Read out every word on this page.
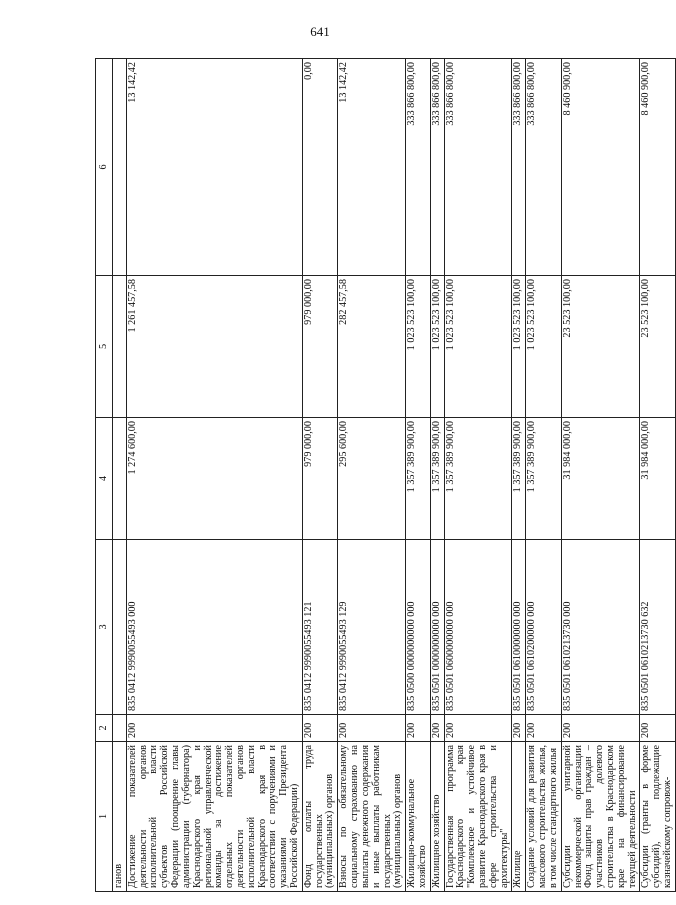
641
1	2	3	4	5	6
ганов					
Достижение показателей деятельности органов исполнительной власти субъектов Российской Федерации (поощрение главы администрации (губернатора) Краснодарского края и региональной управленческой команды за достижение отдельных показателей деятельности органов исполнительной власти Краснодарского края в соответствии с поручениями и указаниями Президента Российской Федерации)	200	835 0412 9990055493 000	1 274 600,00	1 261 457,58	13 142,42
Фонд оплаты труда государственных (муниципальных) органов	200	835 0412 9990055493 121	979 000,00	979 000,00	0,00
Взносы по обязательному социальному страхованию на выплаты денежного содержания и иные выплаты работникам государственных (муниципальных) органов	200	835 0412 9990055493 129	295 600,00	282 457,58	13 142,42
Жилищно-коммунальное хозяйство	200	835 0500 0000000000 000	1 357 389 900,00	1 023 523 100,00	333 866 800,00
Жилищное хозяйство	200	835 0501 0000000000 000	1 357 389 900,00	1 023 523 100,00	333 866 800,00
Государственная программа Краснодарского края "Комплексное и устойчивое развитие Краснодарского края в сфере строительства и архитектуры"	200	835 0501 0600000000 000	1 357 389 900,00	1 023 523 100,00	333 866 800,00
Жилище	200	835 0501 0610000000 000	1 357 389 900,00	1 023 523 100,00	333 866 800,00
Создание условий для развития массового строительства жилья, в том числе стандартного жилья	200	835 0501 0610200000 000	1 357 389 900,00	1 023 523 100,00	333 866 800,00
Субсидии унитарной некоммерческой организации Фонд защиты прав граждан – участников долевого строительства в Краснодарском крае на финансирование текущей деятельности	200	835 0501 0610213730 000	31 984 000,00	23 523 100,00	8 460 900,00
Субсидии (гранты в форме субсидий), подлежащие казначейскому сопровож-	200	835 0501 0610213730 632	31 984 000,00	23 523 100,00	8 460 900,00
